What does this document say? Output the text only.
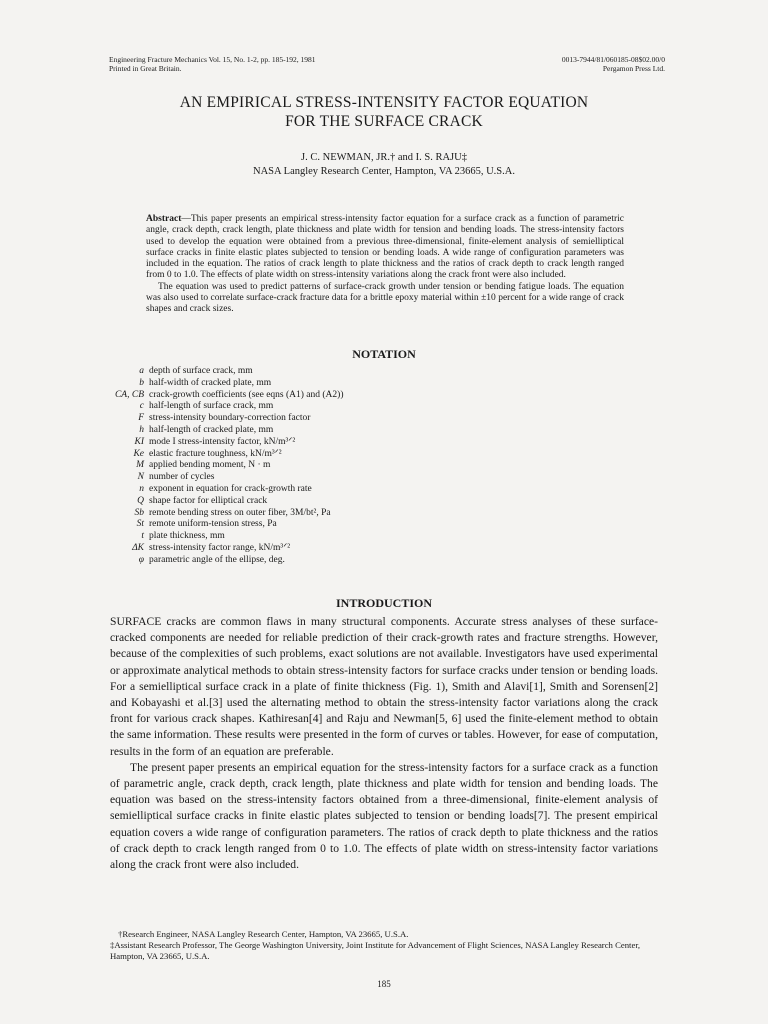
Engineering Fracture Mechanics Vol. 15, No. 1-2, pp. 185-192, 1981
Printed in Great Britain.
0013-7944/81/060185-08$02.00/0
Pergamon Press Ltd.
AN EMPIRICAL STRESS-INTENSITY FACTOR EQUATION
FOR THE SURFACE CRACK
J. C. NEWMAN, JR.† and I. S. RAJU‡
NASA Langley Research Center, Hampton, VA 23665, U.S.A.

Abstract—This paper presents an empirical stress-intensity factor equation for a surface crack as a function of parametric angle, crack depth, crack length, plate thickness and plate width for tension and bending loads. The stress-intensity factors used to develop the equation were obtained from a previous three-dimensional, finite-element analysis of semielliptical surface cracks in finite elastic plates subjected to tension or bending loads. A wide range of configuration parameters was included in the equation. The ratios of crack length to plate thickness and the ratios of crack depth to crack length ranged from 0 to 1.0. The effects of plate width on stress-intensity variations along the crack front were also included.

The equation was used to predict patterns of surface-crack growth under tension or bending fatigue loads. The equation was also used to correlate surface-crack fracture data for a brittle epoxy material within ±10 percent for a wide range of crack shapes and crack sizes.

NOTATION
a depth of surface crack, mm
b half-width of cracked plate, mm
CA, CB crack-growth coefficients (see eqns (A1) and (A2))
c half-length of surface crack, mm
F stress-intensity boundary-correction factor
h half-length of cracked plate, mm
KI mode I stress-intensity factor, kN/m³ᐟ²
Ke elastic fracture toughness, kN/m³ᐟ²
M applied bending moment, N · m
N number of cycles
n exponent in equation for crack-growth rate
Q shape factor for elliptical crack
Sb remote bending stress on outer fiber, 3M/bt², Pa
St remote uniform-tension stress, Pa
t plate thickness, mm
ΔK stress-intensity factor range, kN/m³ᐟ²
φ parametric angle of the ellipse, deg.
INTRODUCTION

SURFACE cracks are common flaws in many structural components. Accurate stress analyses of these surface-cracked components are needed for reliable prediction of their crack-growth rates and fracture strengths. However, because of the complexities of such problems, exact solutions are not available. Investigators have used experimental or approximate analytical methods to obtain stress-intensity factors for surface cracks under tension or bending loads. For a semielliptical surface crack in a plate of finite thickness (Fig. 1), Smith and Alavi[1], Smith and Sorensen[2] and Kobayashi et al.[3] used the alternating method to obtain the stress-intensity factor variations along the crack front for various crack shapes. Kathiresan[4] and Raju and Newman[5, 6] used the finite-element method to obtain the same information. These results were presented in the form of curves or tables. However, for ease of computation, results in the form of an equation are preferable.

The present paper presents an empirical equation for the stress-intensity factors for a surface crack as a function of parametric angle, crack depth, crack length, plate thickness and plate width for tension and bending loads. The equation was based on the stress-intensity factors obtained from a three-dimensional, finite-element analysis of semielliptical surface cracks in finite elastic plates subjected to tension or bending loads[7]. The present empirical equation covers a wide range of configuration parameters. The ratios of crack depth to plate thickness and the ratios of crack depth to crack length ranged from 0 to 1.0. The effects of plate width on stress-intensity factor variations along the crack front were also included.

†Research Engineer, NASA Langley Research Center, Hampton, VA 23665, U.S.A.

‡Assistant Research Professor, The George Washington University, Joint Institute for Advancement of Flight Sciences, NASA Langley Research Center, Hampton, VA 23665, U.S.A.

185
